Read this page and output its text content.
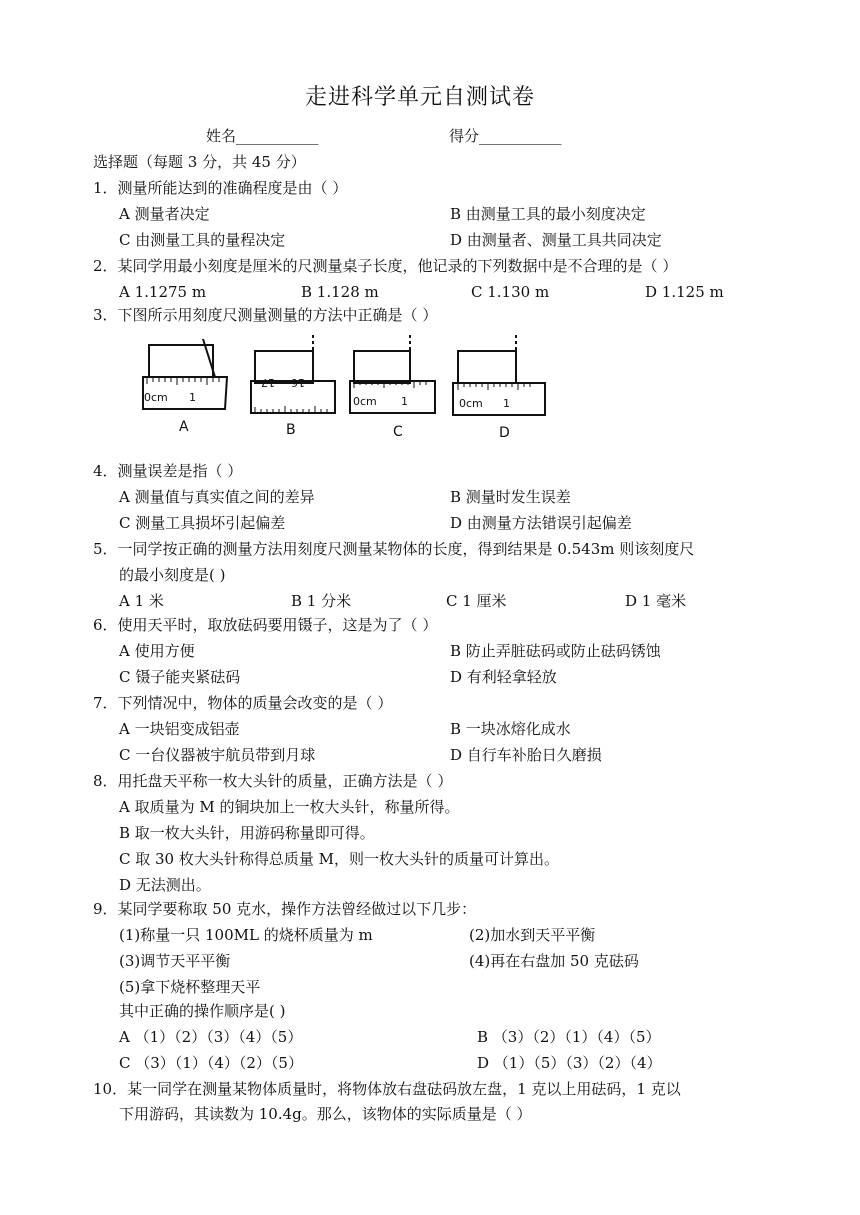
走进科学单元自测试卷
姓名___________	得分___________
选择题（每题 3 分，共 45 分）
1．测量所能达到的准确程度是由（ ）
A 测量者决定	B 由测量工具的最小刻度决定
C 由测量工具的量程决定	D 由测量者、测量工具共同决定
2．某同学用最小刻度是厘米的尺测量桌子长度，他记录的下列数据中是不合理的是（ ）
A 1.1275 m	B 1.128 m	C 1.130 m	D 1.125 m
3．下图所示用刻度尺测量测量的方法中正确是（ ）
0cm 1
17 16
0cm 1	0cm 1
A	B	C	D
4．测量误差是指（ ）
A 测量值与真实值之间的差异	B 测量时发生误差
C 测量工具损坏引起偏差	D 由测量方法错误引起偏差
5．一同学按正确的测量方法用刻度尺测量某物体的长度，得到结果是 0.543m 则该刻度尺
的最小刻度是( )
A 1 米	B 1 分米	C 1 厘米	D 1 毫米
6．使用天平时，取放砝码要用镊子，这是为了（ ）
A 使用方便	B 防止弄脏砝码或防止砝码锈蚀
C 镊子能夹紧砝码	D 有利轻拿轻放
7．下列情况中，物体的质量会改变的是（ ）
A 一块铝变成铝壶	B 一块冰熔化成水
C 一台仪器被宇航员带到月球	D 自行车补胎日久磨损
8．用托盘天平称一枚大头针的质量，正确方法是（ ）
A 取质量为 M 的铜块加上一枚大头针，称量所得。
B 取一枚大头针，用游码称量即可得。
C 取 30 枚大头针称得总质量 M，则一枚大头针的质量可计算出。
D 无法测出。
9．某同学要称取 50 克水，操作方法曾经做过以下几步：
(1)称量一只 100ML 的烧杯质量为 m	(2)加水到天平平衡
(3)调节天平平衡	(4)再在右盘加 50 克砝码
(5)拿下烧杯整理天平
其中正确的操作顺序是( )
A （1）（2）（3）（4）（5）	B （3）（2）（1）（4）（5）
C （3）（1）（4）（2）（5）	D （1）（5）（3）（2）（4）
10．某一同学在测量某物体质量时，将物体放右盘砝码放左盘，1 克以上用砝码，1 克以
下用游码，其读数为 10.4g。那么，该物体的实际质量是（ ）
